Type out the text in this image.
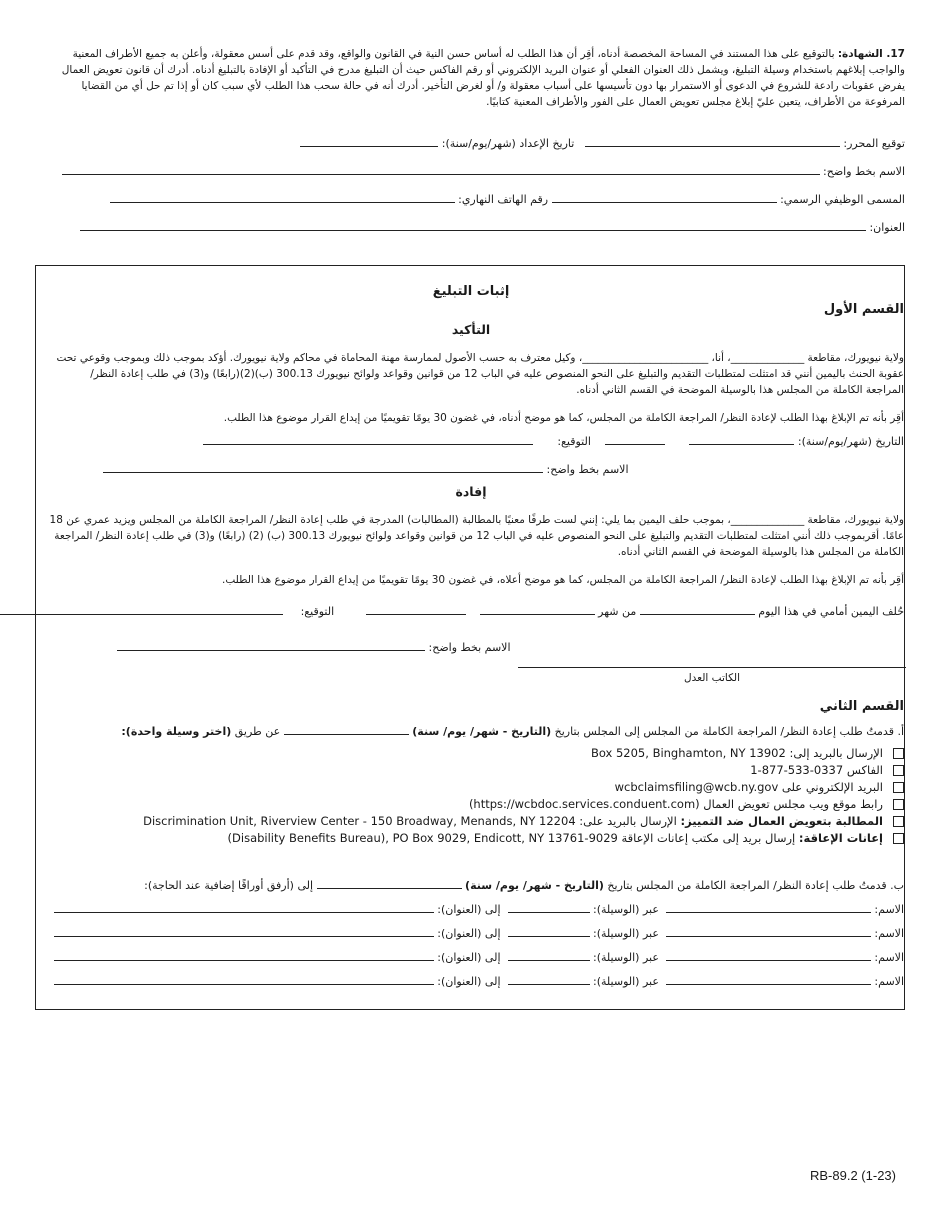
17. الشهادة: بالتوقيع على هذا المستند في المساحة المخصصة أدناه، أقِر أن هذا الطلب له أساس حسن النية في القانون والواقع، وقد قدم على أسس معقولة، وأعلن به جميع الأطراف المعنية والواجب إبلاغهم باستخدام وسيلة التبليغ، ويشمل ذلك العنوان الفعلي أو عنوان البريد الإلكتروني أو رقم الفاكس حيث أن التبليغ مدرج في التأكيد أو الإفادة بالتبليغ أدناه. أدرك أن قانون تعويض العمال يفرض عقوبات رادعة للشروع في الدعوى أو الاستمرار بها دون تأسيسها على أسباب معقولة و/ أو لغرض التأخير. أدرك أنه في حالة سحب هذا الطلب لأي سبب كان أو إذا تم حل أي من القضايا المرفوعة من الأطراف، يتعين عليّ إبلاغ مجلس تعويض العمال على الفور والأطراف المعنية كتابيًا.
توقيع المحرر:    تاريخ الإعداد (شهر/يوم/سنة):
الاسم بخط واضح:
المسمى الوظيفي الرسمي:  رقم الهاتف النهاري:
العنوان:
إثبات التبليغ
القسم الأول
التأكيد
ولاية نيويورك، مقاطعة ______________، أنا، ________________________، وكيل معترف به حسب الأصول لممارسة مهنة المحاماة في محاكم ولاية نيويورك. أؤكد بموجب ذلك وبموجب وقوعي تحت عقوبة الحنث باليمين أنني قد امتثلت لمتطلبات التقديم والتبليغ على النحو المنصوص عليه في الباب 12 من قوانين وقواعد ولوائح نيويورك 300.13 (ب)(2)(رابعًا) و(3) في طلب إعادة النظر/ المراجعة الكاملة من المجلس هذا بالوسيلة الموضحة في القسم الثاني أدناه.
أقِر بأنه تم الإبلاغ بهذا الطلب لإعادة النظر/ المراجعة الكاملة من المجلس، كما هو موضح أدناه، في غضون 30 يومًا تقويميًا من إيداع القرار موضوع هذا الطلب.
التاريخ (شهر/يوم/سنة):            التوقيع:
الاسم بخط واضح:
إفادة
ولاية نيويورك، مقاطعة ______________، بموجب حلف اليمين بما يلي: إنني لست طرفًا معنيًا بالمطالبة (المطالبات) المدرجة في طلب إعادة النظر/ المراجعة الكاملة من المجلس ويزيد عمري عن 18 عامًا. أقربموجب ذلك أنني امتثلت لمتطلبات التقديم والتبليغ على النحو المنصوص عليه في الباب 12 من قوانين وقواعد ولوائح نيويورك 300.13 (ب) (2) (رابعًا) و(3) في طلب إعادة النظر/ المراجعة الكاملة من المجلس هذا بالوسيلة الموضحة في القسم الثاني أدناه.
أقِر بأنه تم الإبلاغ بهذا الطلب لإعادة النظر/ المراجعة الكاملة من المجلس، كما هو موضح أعلاه، في غضون 30 يومًا تقويميًا من إيداع القرار موضوع هذا الطلب.
حُلف اليمين أمامي في هذا اليوم  من شهر              التوقيع:
الاسم بخط واضح:
الكاتب العدل
القسم الثاني
أ. قدمتُ طلب إعادة النظر/ المراجعة الكاملة من المجلس إلى المجلس بتاريخ (التاريخ - شهر/ يوم/ سنة)  عن طريق (اختر وسيلة واحدة):
الإرسال بالبريد إلى: Box 5205, Binghamton, NY 13902
الفاكس 1-877-533-0337
البريد الإلكتروني على wcbclaimsfiling@wcb.ny.gov
رابط موقع ويب مجلس تعويض العمال (https://wcbdoc.services.conduent.com)
المطالبة بتعويض العمال ضد التمييز: الإرسال بالبريد على: Discrimination Unit, Riverview Center - 150 Broadway, Menands, NY 12204
إعانات الإعاقة: إرسال بريد إلى مكتب إعانات الإعاقة (Disability Benefits Bureau), PO Box 9029, Endicott, NY 13761-9029
ب. قدمتُ طلب إعادة النظر/ المراجعة الكاملة من المجلس بتاريخ (التاريخ - شهر/ يوم/ سنة)  إلى (أرفق أوراقًا إضافية عند الحاجة):
الاسم:   عبر (الوسيلة):   إلى (العنوان):
الاسم:   عبر (الوسيلة):   إلى (العنوان):
الاسم:   عبر (الوسيلة):   إلى (العنوان):
الاسم:   عبر (الوسيلة):   إلى (العنوان):
RB-89.2 (1-23)
